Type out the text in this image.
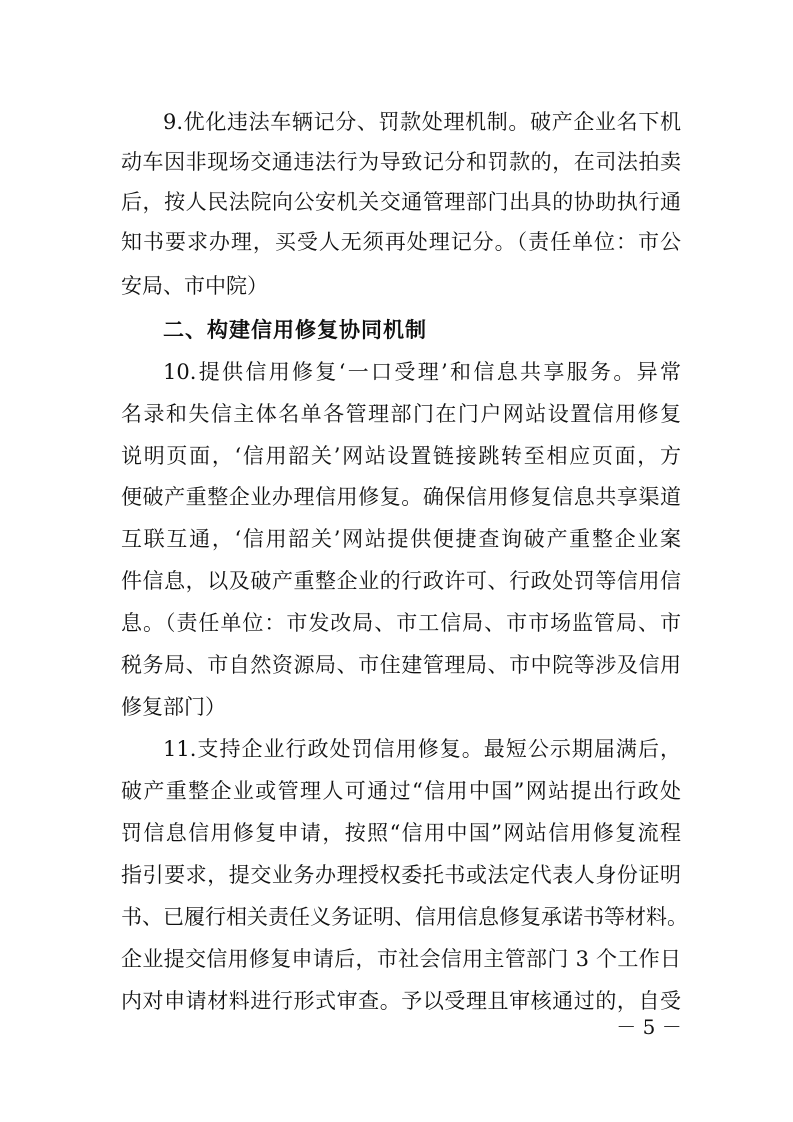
9.优化违法车辆记分、罚款处理机制。破产企业名下机
动车因非现场交通违法行为导致记分和罚款的，在司法拍卖
后，按人民法院向公安机关交通管理部门出具的协助执行通
知书要求办理，买受人无须再处理记分。（责任单位：市公
安局、市中院）
二、构建信用修复协同机制
10.提供信用修复‘一口受理’和信息共享服务。异常
名录和失信主体名单各管理部门在门户网站设置信用修复
说明页面，‘信用韶关’网站设置链接跳转至相应页面，方
便破产重整企业办理信用修复。确保信用修复信息共享渠道
互联互通，‘信用韶关’网站提供便捷查询破产重整企业案
件信息，以及破产重整企业的行政许可、行政处罚等信用信
息。（责任单位：市发改局、市工信局、市市场监管局、市
税务局、市自然资源局、市住建管理局、市中院等涉及信用
修复部门）
11.支持企业行政处罚信用修复。最短公示期届满后，
破产重整企业或管理人可通过“信用中国”网站提出行政处
罚信息信用修复申请，按照“信用中国”网站信用修复流程
指引要求，提交业务办理授权委托书或法定代表人身份证明
书、已履行相关责任义务证明、信用信息修复承诺书等材料。
企业提交信用修复申请后，市社会信用主管部门 3 个工作日
内对申请材料进行形式审查。予以受理且审核通过的，自受
－ 5 －
